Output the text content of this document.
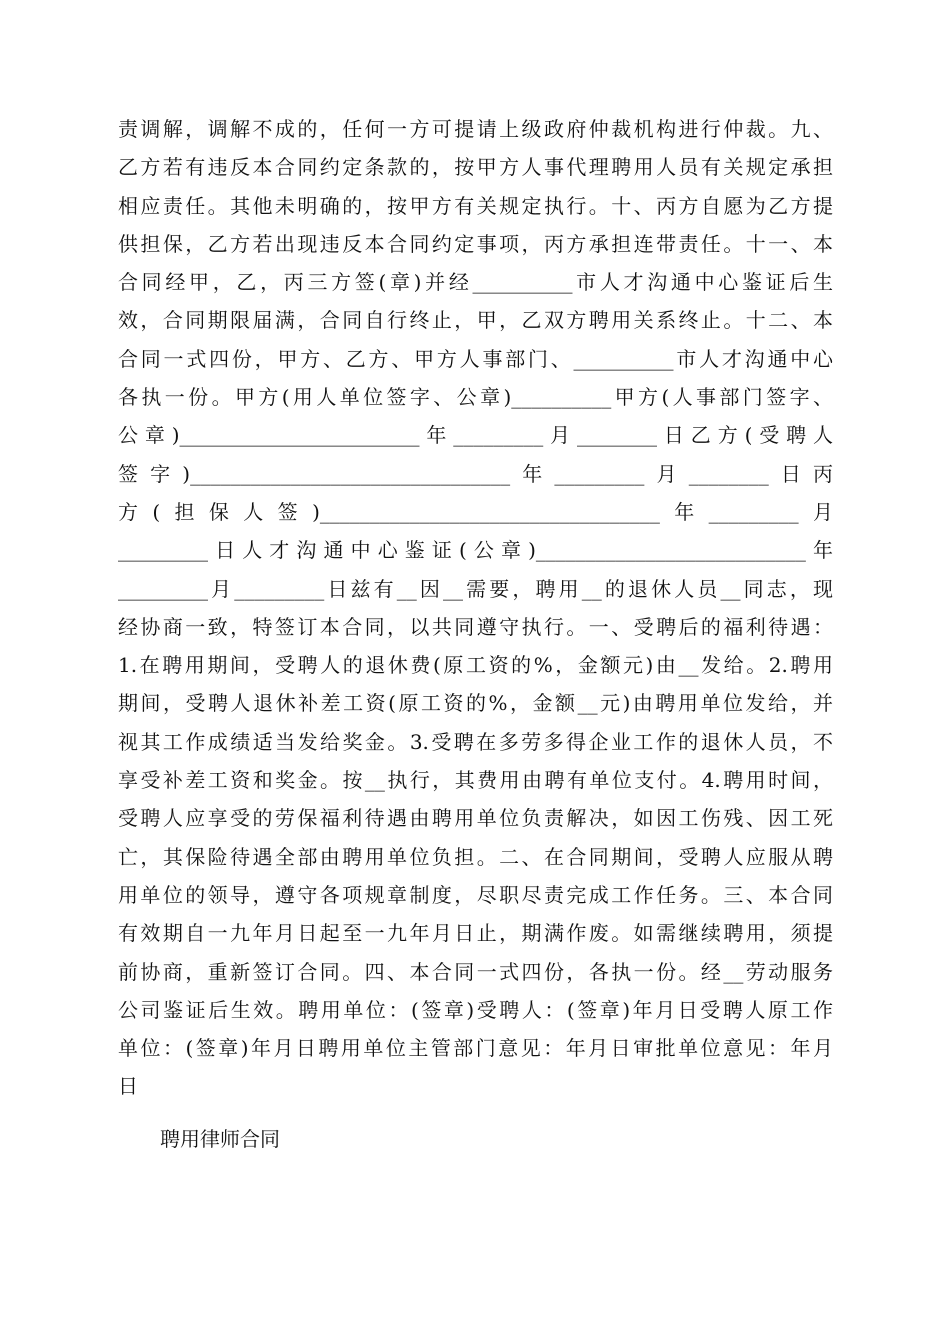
责调解，调解不成的，任何一方可提请上级政府仲裁机构进行仲裁。九、
乙方若有违反本合同约定条款的，按甲方人事代理聘用人员有关规定承担
相应责任。其他未明确的，按甲方有关规定执行。十、丙方自愿为乙方提
供担保，乙方若出现违反本合同约定事项，丙方承担连带责任。十一、本
合同经甲，乙，丙三方签(章)并经__________市人才沟通中心鉴证后生
效，合同期限届满，合同自行终止，甲，乙双方聘用关系终止。十二、本
合同一式四份，甲方、乙方、甲方人事部门、__________市人才沟通中心
各执一份。甲方(用人单位签字、公章)__________甲方(人事部门签字、
公章)________________________年_________月________日乙方(受聘人
签字)________________________________年_________月________日丙
方(担保人签)__________________________________年_________月
_________日人才沟通中心鉴证(公章)___________________________年
_________月_________日兹有__因__需要，聘用__的退休人员__同志，现
经协商一致，特签订本合同，以共同遵守执行。一、受聘后的福利待遇：
1.在聘用期间，受聘人的退休费(原工资的%，金额元)由__发给。2.聘用
期间，受聘人退休补差工资(原工资的%，金额__元)由聘用单位发给，并
视其工作成绩适当发给奖金。3.受聘在多劳多得企业工作的退休人员，不
享受补差工资和奖金。按__执行，其费用由聘有单位支付。4.聘用时间，
受聘人应享受的劳保福利待遇由聘用单位负责解决，如因工伤残、因工死
亡，其保险待遇全部由聘用单位负担。二、在合同期间，受聘人应服从聘
用单位的领导，遵守各项规章制度，尽职尽责完成工作任务。三、本合同
有效期自一九年月日起至一九年月日止，期满作废。如需继续聘用，须提
前协商，重新签订合同。四、本合同一式四份，各执一份。经__劳动服务
公司鉴证后生效。聘用单位：(签章)受聘人：(签章)年月日受聘人原工作
单位：(签章)年月日聘用单位主管部门意见：年月日审批单位意见：年月
日
聘用律师合同
